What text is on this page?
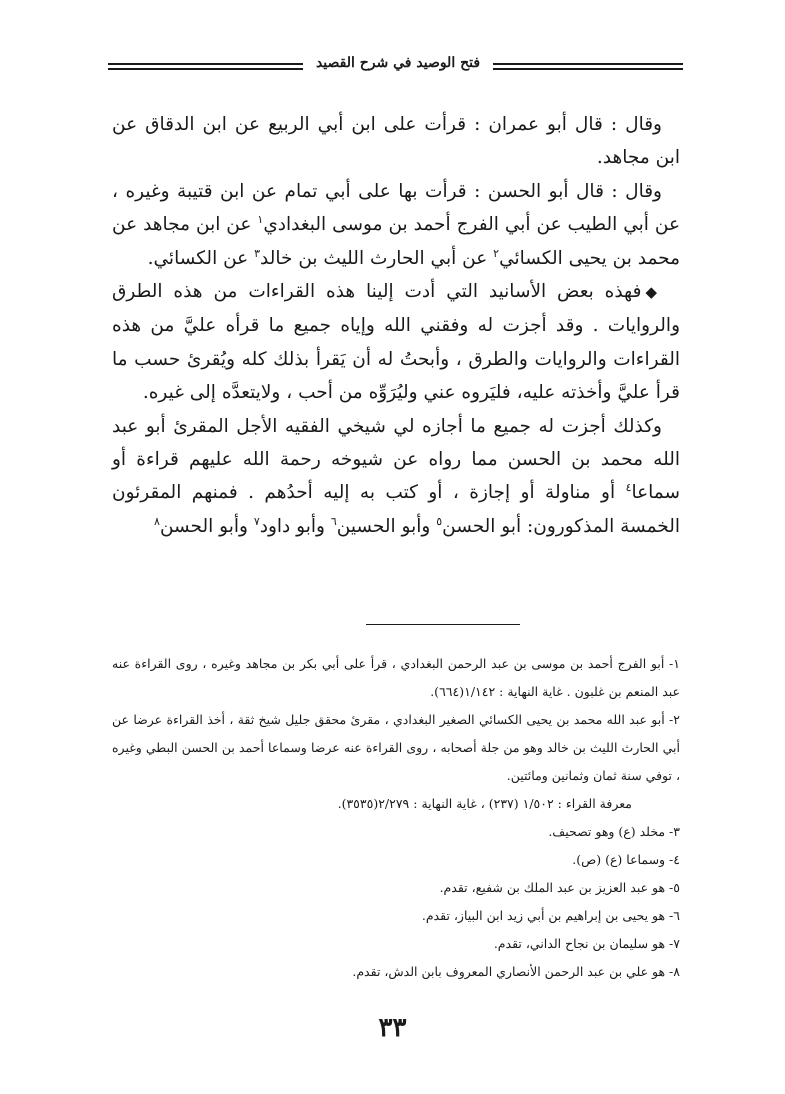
فتح الوصيد في شرح القصيد

وقال : قال أبو عمران : قرأت على ابن أبي الربيع عن ابن الدقاق عن ابن مجاهد.

وقال : قال أبو الحسن : قرأت بها على أبي تمام عن ابن قتيبة وغيره ، عن أبي الطيب عن أبي الفرج أحمد بن موسى البغدادي$^١$ عن ابن مجاهد عن محمد بن يحيى الكسائي$^٢$ عن أبي الحارث الليث بن خالد$^٣$ عن الكسائي.

◆فهذه بعض الأسانيد التي أدت إلينا هذه القراءات من هذه الطرق والروايات . وقد أجزت له وفقني الله وإياه جميع ما قرأه عليَّ من هذه القراءات والروايات والطرق ، وأبحتُ له أن يَقرأ بذلك كله ويُقرئ حسب ما قرأ عليَّ وأخذته عليه، فليَروه عني وليُرَوِّه من أحب ، ولايتعدَّه إلى غيره.

وكذلك أجزت له جميع ما أجازه لي شيخي الفقيه الأجل المقرئ أبو عبد الله محمد بن الحسن مما رواه عن شيوخه رحمة الله عليهم قراءة أو سماعا$^٤$ أو مناولة أو إجازة ، أو كتب به إليه أحدُهم . فمنهم المقرئون الخمسة المذكورون: أبو الحسن$^٥$ وأبو الحسين$^٦$ وأبو داود$^٧$ وأبو الحسن$^٨$

١- أبو الفرج أحمد بن موسى بن عبد الرحمن البغدادي ، قرأ على أبي بكر بن مجاهد وغيره ، روى القراءة عنه عبد المنعم بن غلبون . غاية النهاية : ١/١٤٢(٦٦٤).

٢- أبو عبد الله محمد بن يحيى الكسائي الصغير البغدادي ، مقرئ محقق جليل شيخ ثقة ، أخذ القراءة عرضا عن أبي الحارث الليث بن خالد وهو من جلة أصحابه ، روى القراءة عنه عرضا وسماعا أحمد بن الحسن البطي وغيره ، توفي سنة ثمان وثمانين ومائتين.

معرفة القراء : ١/٥٠٢ (٢٣٧) ، غاية النهاية : ٢/٢٧٩(٣٥٣٥).

٣- مخلد (ع) وهو تصحيف.

٤- وسماعا (ع) (ص).

٥- هو عبد العزيز بن عبد الملك بن شفيع، تقدم.

٦- هو يحيى بن إبراهيم بن أبي زيد ابن البياز، تقدم.

٧- هو سليمان بن نجاح الداني، تقدم.

٨- هو علي بن عبد الرحمن الأنصاري المعروف بابن الدش، تقدم.

٣٣
